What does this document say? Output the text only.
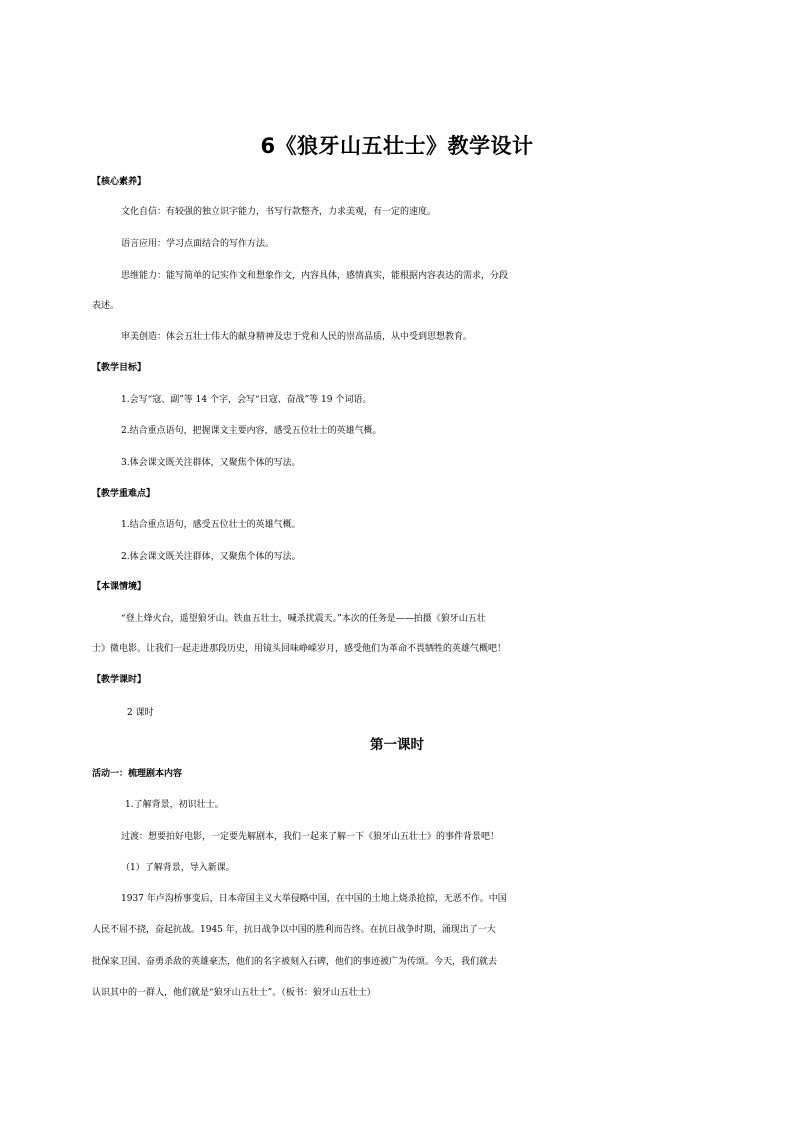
6《狼牙山五壮士》教学设计
【核心素养】
文化自信：有较强的独立识字能力，书写行款整齐，力求美观，有一定的速度。
语言应用：学习点面结合的写作方法。
思维能力：能写简单的记实作文和想象作文，内容具体，感情真实，能根据内容表达的需求，分段
表述。
审美创造：体会五壮士伟大的献身精神及忠于党和人民的崇高品质，从中受到思想教育。
【教学目标】
1.会写“寇、副”等 14 个字，会写“日寇、奋战”等 19 个词语。
2.结合重点语句，把握课文主要内容，感受五位壮士的英雄气概。
3.体会课文既关注群体，又聚焦个体的写法。
【教学重难点】
1.结合重点语句，感受五位壮士的英雄气概。
2.体会课文既关注群体，又聚焦个体的写法。
【本课情境】
“登上烽火台，遥望狼牙山。铁血五壮士，喊杀扰震天。”本次的任务是——拍摄《狼牙山五壮
士》微电影。让我们一起走进那段历史，用镜头回味峥嵘岁月，感受他们为革命不畏牺牲的英雄气概吧！
【教学课时】
2 课时
第一课时
活动一：梳理剧本内容
1.了解背景，初识壮士。
过渡：想要拍好电影，一定要先解剧本，我们一起来了解一下《狼牙山五壮士》的事件背景吧！
（1）了解背景，导入新课。
1937 年卢沟桥事变后，日本帝国主义大举侵略中国，在中国的土地上烧杀抢掠，无恶不作。中国
人民不屈不挠，奋起抗战。1945 年，抗日战争以中国的胜利而告终。在抗日战争时期，涌现出了一大
批保家卫国、奋勇杀敌的英雄豪杰，他们的名字被刻入石碑，他们的事迹被广为传颂。今天，我们就去
认识其中的一群人，他们就是“狼牙山五壮士”。（板书：狼牙山五壮士）
